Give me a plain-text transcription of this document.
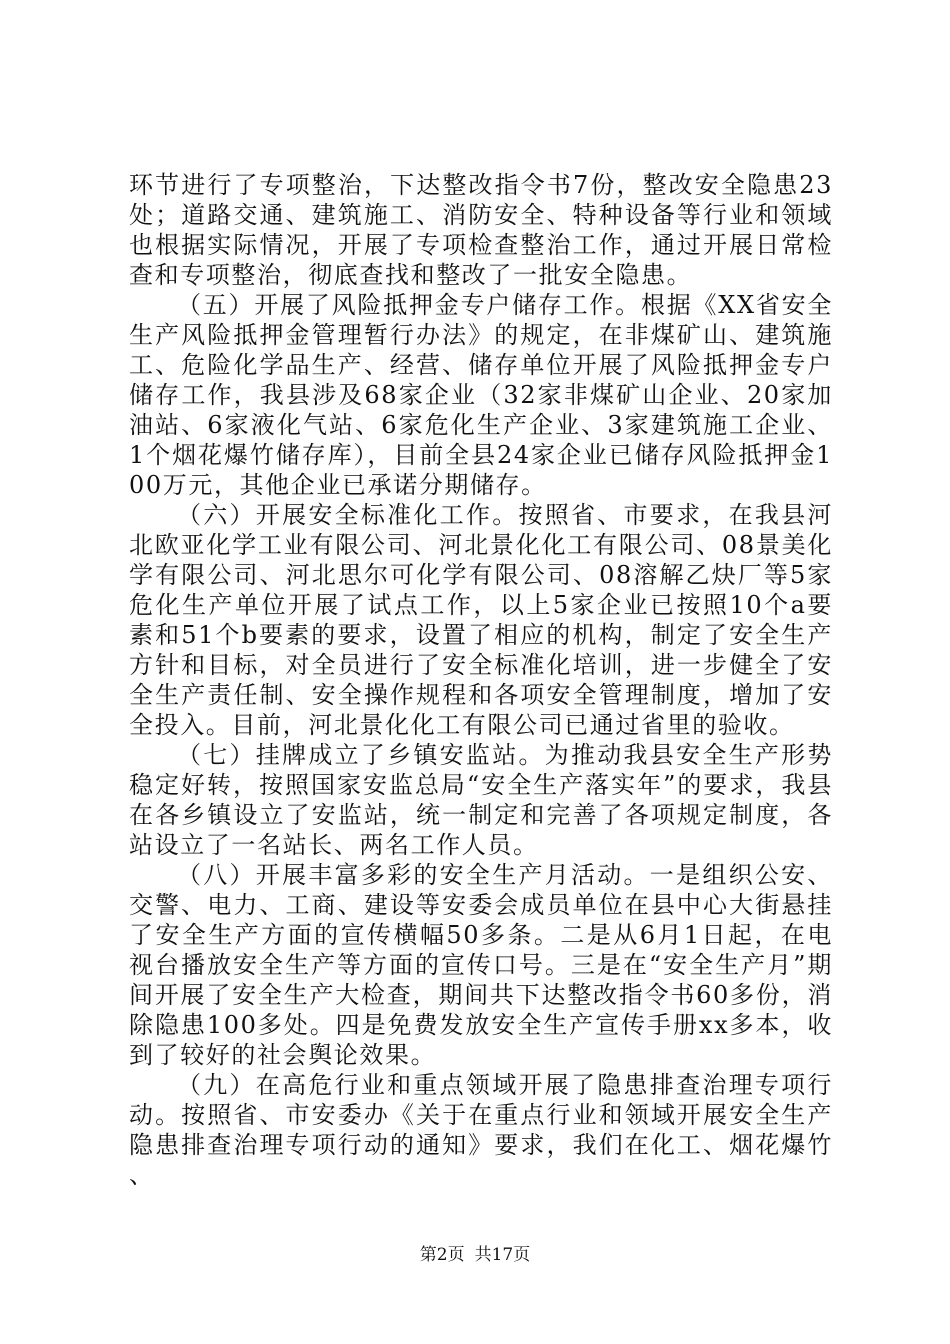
环节进行了专项整治，下达整改指令书7份，整改安全隐患23处；道路交通、建筑施工、消防安全、特种设备等行业和领域也根据实际情况，开展了专项检查整治工作，通过开展日常检查和专项整治，彻底查找和整改了一批安全隐患。

（五）开展了风险抵押金专户储存工作。根据《XX省安全生产风险抵押金管理暂行办法》的规定，在非煤矿山、建筑施工、危险化学品生产、经营、储存单位开展了风险抵押金专户储存工作，我县涉及68家企业（32家非煤矿山企业、20家加油站、6家液化气站、6家危化生产企业、3家建筑施工企业、1个烟花爆竹储存库），目前全县24家企业已储存风险抵押金100万元，其他企业已承诺分期储存。

（六）开展安全标准化工作。按照省、市要求，在我县河北欧亚化学工业有限公司、河北景化化工有限公司、08景美化学有限公司、河北思尔可化学有限公司、08溶解乙炔厂等5家危化生产单位开展了试点工作，以上5家企业已按照10个a要素和51个b要素的要求，设置了相应的机构，制定了安全生产方针和目标，对全员进行了安全标准化培训，进一步健全了安全生产责任制、安全操作规程和各项安全管理制度，增加了安全投入。目前，河北景化化工有限公司已通过省里的验收。

（七）挂牌成立了乡镇安监站。为推动我县安全生产形势稳定好转，按照国家安监总局“安全生产落实年”的要求，我县在各乡镇设立了安监站，统一制定和完善了各项规定制度，各站设立了一名站长、两名工作人员。

（八）开展丰富多彩的安全生产月活动。一是组织公安、交警、电力、工商、建设等安委会成员单位在县中心大街悬挂了安全生产方面的宣传横幅50多条。二是从6月1日起，在电视台播放安全生产等方面的宣传口号。三是在“安全生产月”期间开展了安全生产大检查，期间共下达整改指令书60多份，消除隐患100多处。四是免费发放安全生产宣传手册xx多本，收到了较好的社会舆论效果。

（九）在高危行业和重点领域开展了隐患排查治理专项行动。按照省、市安委办《关于在重点行业和领域开展安全生产隐患排查治理专项行动的通知》要求，我们在化工、烟花爆竹、

第2页 共17页
